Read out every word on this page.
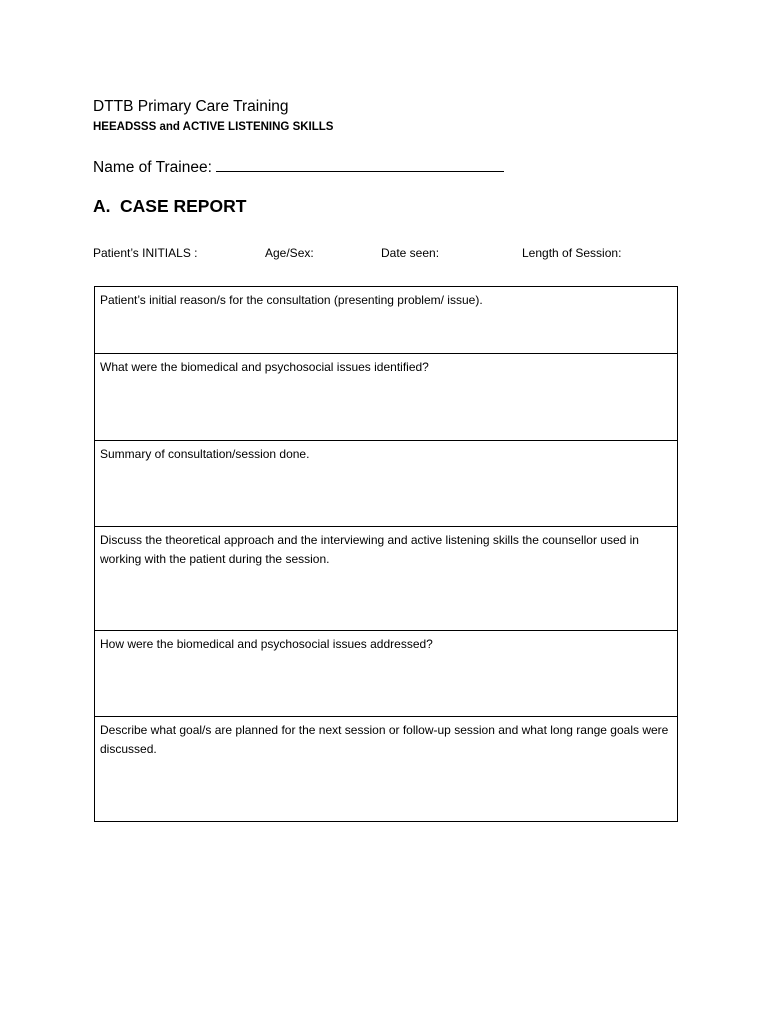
DTTB Primary Care Training
HEEADSSS and ACTIVE LISTENING SKILLS
Name of Trainee:
A. CASE REPORT
Patient’s INITIALS :	Age/Sex:	Date seen:	Length of Session:
Patient’s initial reason/s for the consultation (presenting problem/ issue).
What were the biomedical and psychosocial issues identified?
Summary of consultation/session done.
Discuss the theoretical approach and the interviewing and active listening skills the counsellor used in working with the patient during the session.
How were the biomedical and psychosocial issues addressed?
Describe what goal/s are planned for the next session or follow-up session and what long range goals were discussed.
